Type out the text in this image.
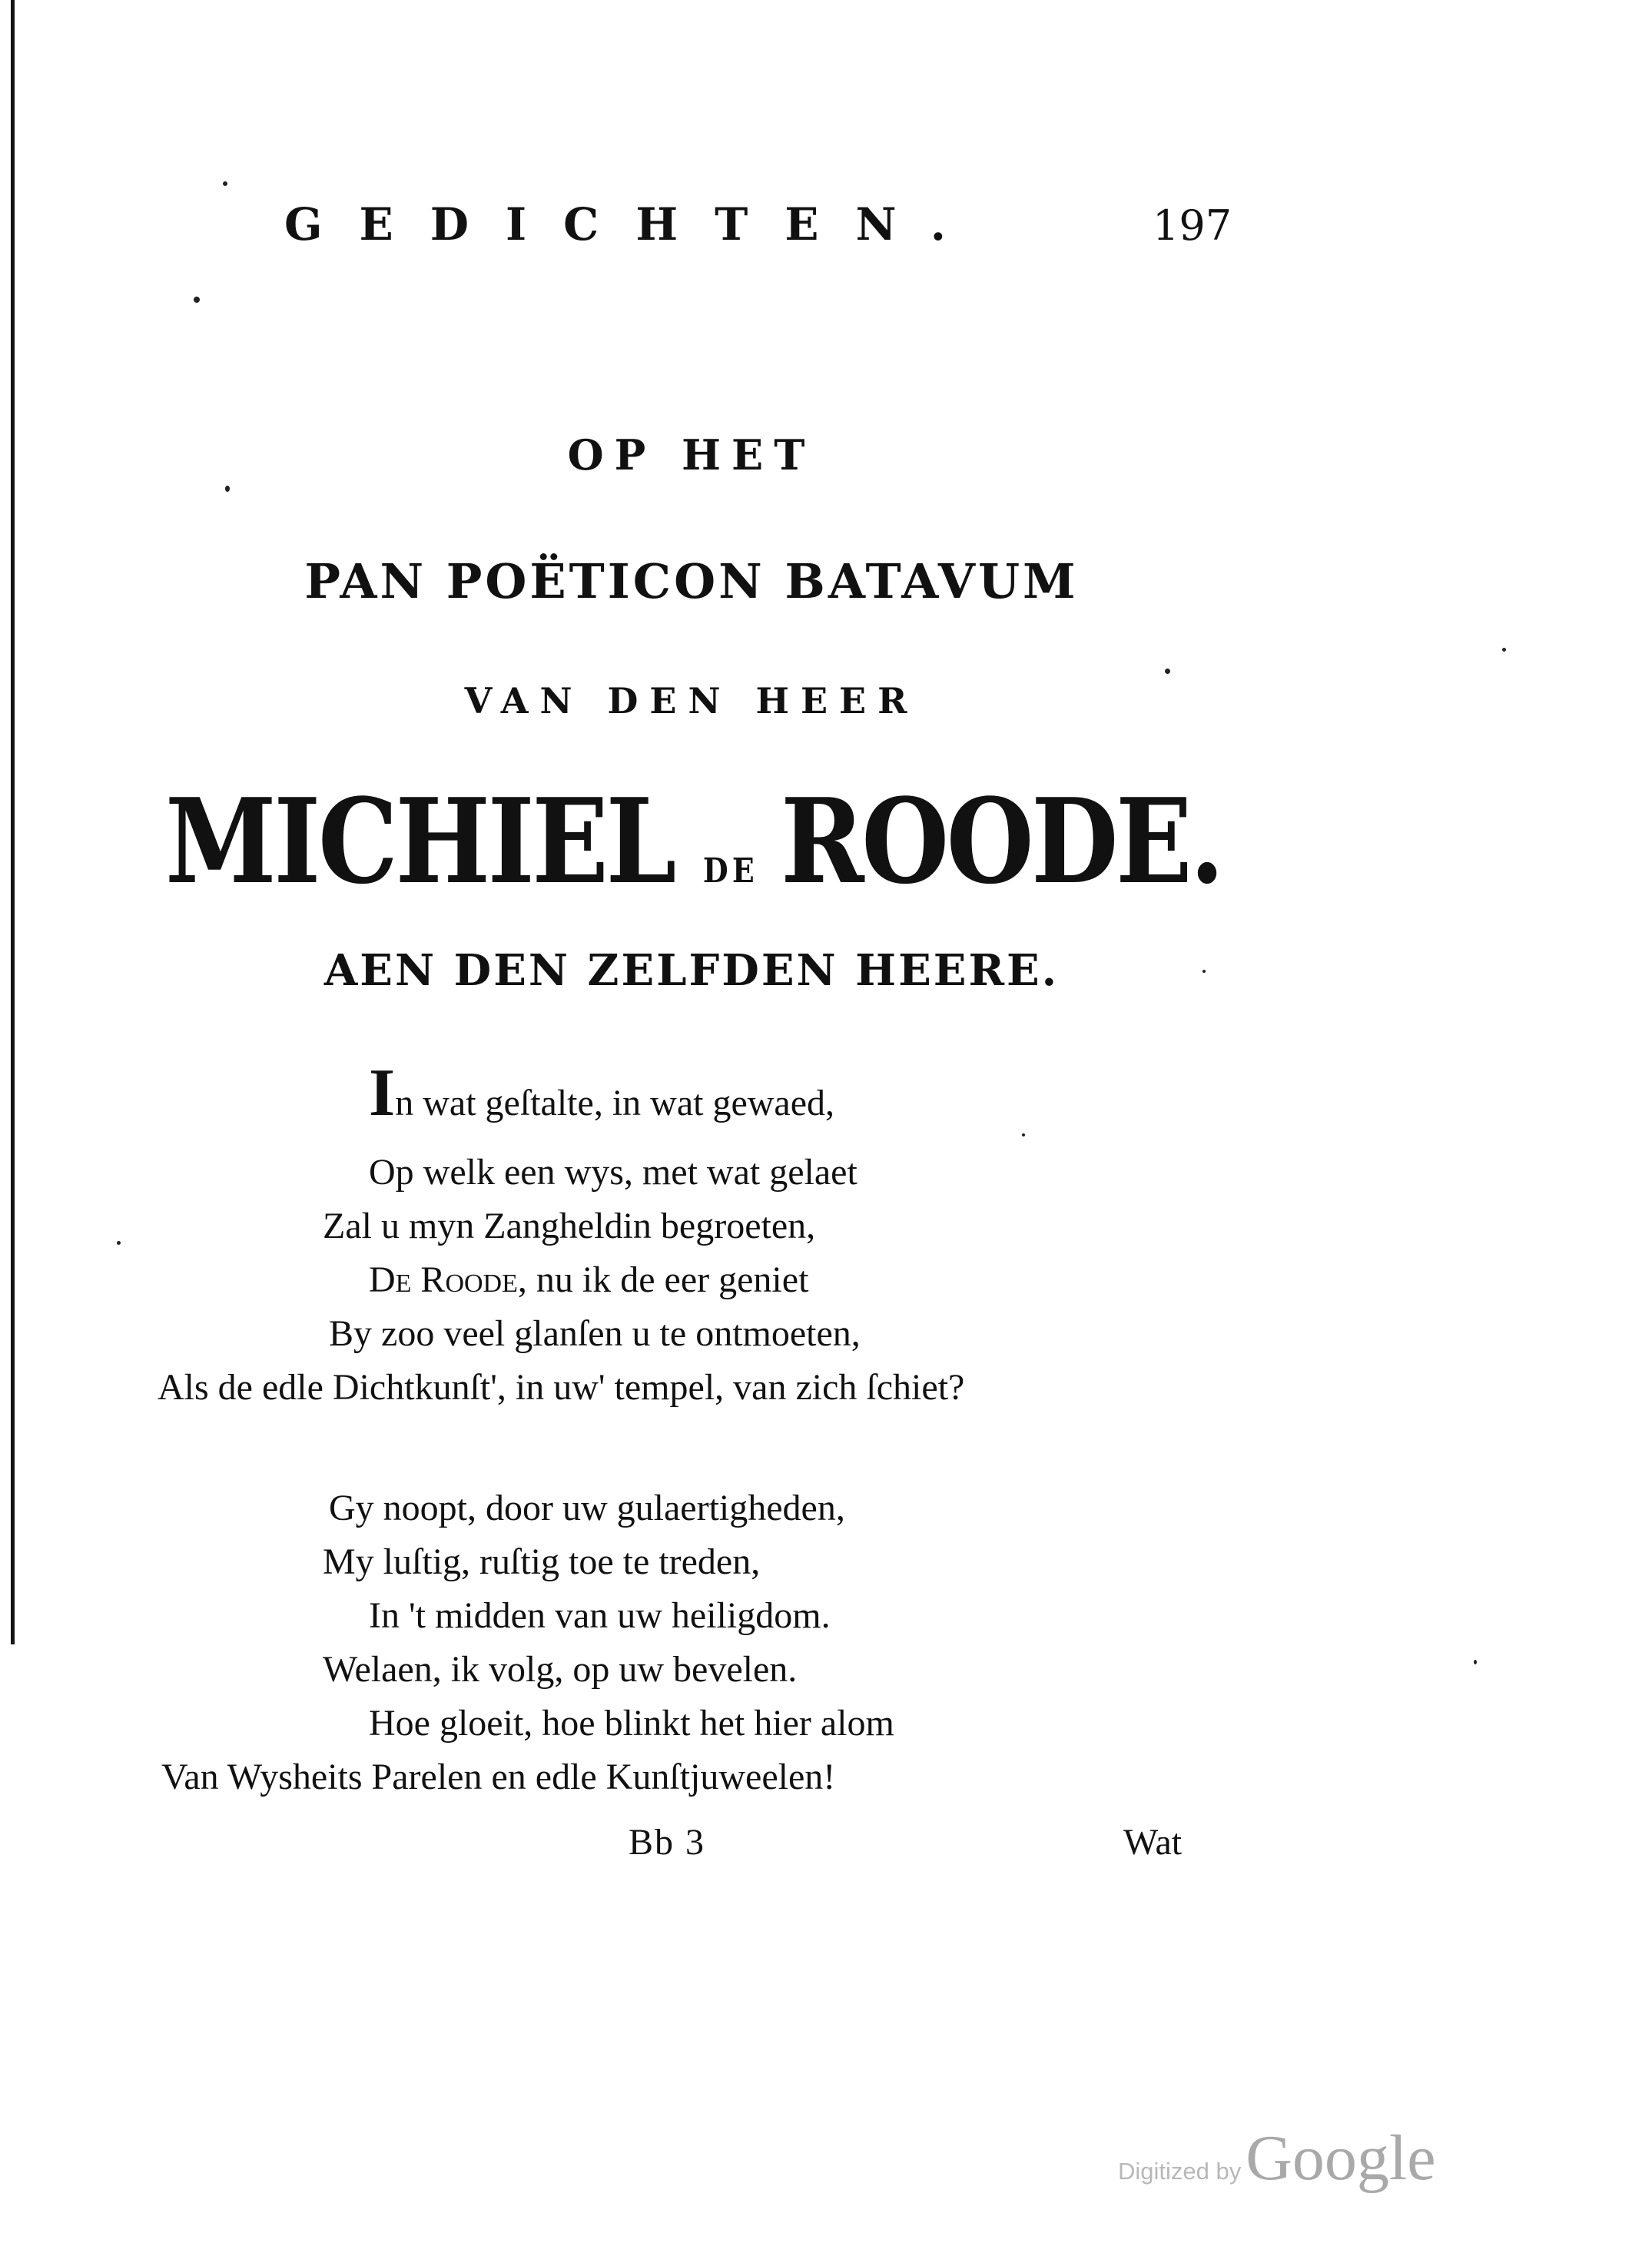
GEDICHTEN.	197
OP HET
PAN POËTICON BATAVUM
VAN DEN HEER
MICHIEL DE ROODE.
AEN DEN ZELFDEN HEERE.
In wat geſtalte, in wat gewaed,
Op welk een wys, met wat gelaet
Zal u myn Zangheldin begroeten,
De Roode, nu ik de eer geniet
By zoo veel glanſen u te ontmoeten,
Als de edle Dichtkunſt', in uw' tempel, van zich ſchiet?
Gy noopt, door uw gulaertigheden,
My luſtig, ruſtig toe te treden,
In 't midden van uw heiligdom.
Welaen, ik volg, op uw bevelen.
Hoe gloeit, hoe blinkt het hier alom
Van Wysheits Parelen en edle Kunſtjuweelen!
Bb 3	Wat
Digitized byGoogle
